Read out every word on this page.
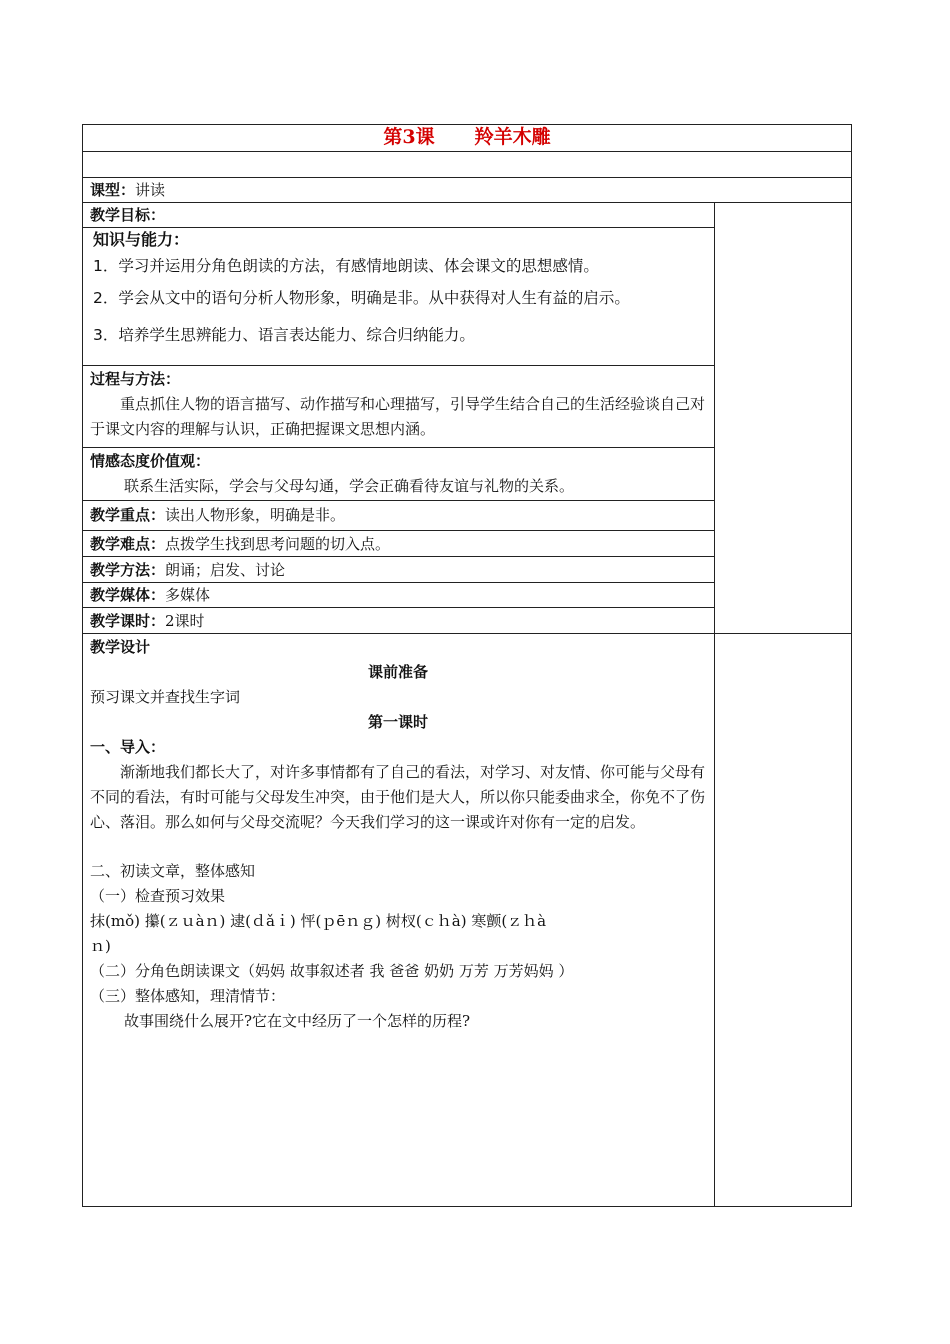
第3课 羚羊木雕
课型：讲读
教学目标：
知识与能力：
1．学习并运用分角色朗读的方法，有感情地朗读、体会课文的思想感情。
2．学会从文中的语句分析人物形象，明确是非。从中获得对人生有益的启示。
3．培养学生思辨能力、语言表达能力、综合归纳能力。
过程与方法：
重点抓住人物的语言描写、动作描写和心理描写，引导学生结合自己的生活经验谈自己对于课文内容的理解与认识，正确把握课文思想内涵。
情感态度价值观：
联系生活实际，学会与父母勾通，学会正确看待友谊与礼物的关系。
教学重点：读出人物形象，明确是非。
教学难点：点拨学生找到思考问题的切入点。
教学方法：朗诵；启发、讨论
教学媒体：多媒体
教学课时：2课时
教学设计
课前准备
预习课文并查找生字词
第一课时
一、导入：
渐渐地我们都长大了，对许多事情都有了自己的看法，对学习、对友情、你可能与父母有不同的看法，有时可能与父母发生冲突，由于他们是大人，所以你只能委曲求全，你免不了伤心、落泪。那么如何与父母交流呢？今天我们学习的这一课或许对你有一定的启发。
二、初读文章，整体感知
（一）检查预习效果
抹(mǒ) 攥(ｚｕàｎ) 逮(ｄǎｉ) 怦(ｐēｎｇ) 树杈(ｃｈà) 寒颤(ｚｈà
ｎ)
（二）分角色朗读课文（妈妈 故事叙述者 我 爸爸 奶奶 万芳 万芳妈妈 ）
（三）整体感知，理清情节：
故事围绕什么展开?它在文中经历了一个怎样的历程?
